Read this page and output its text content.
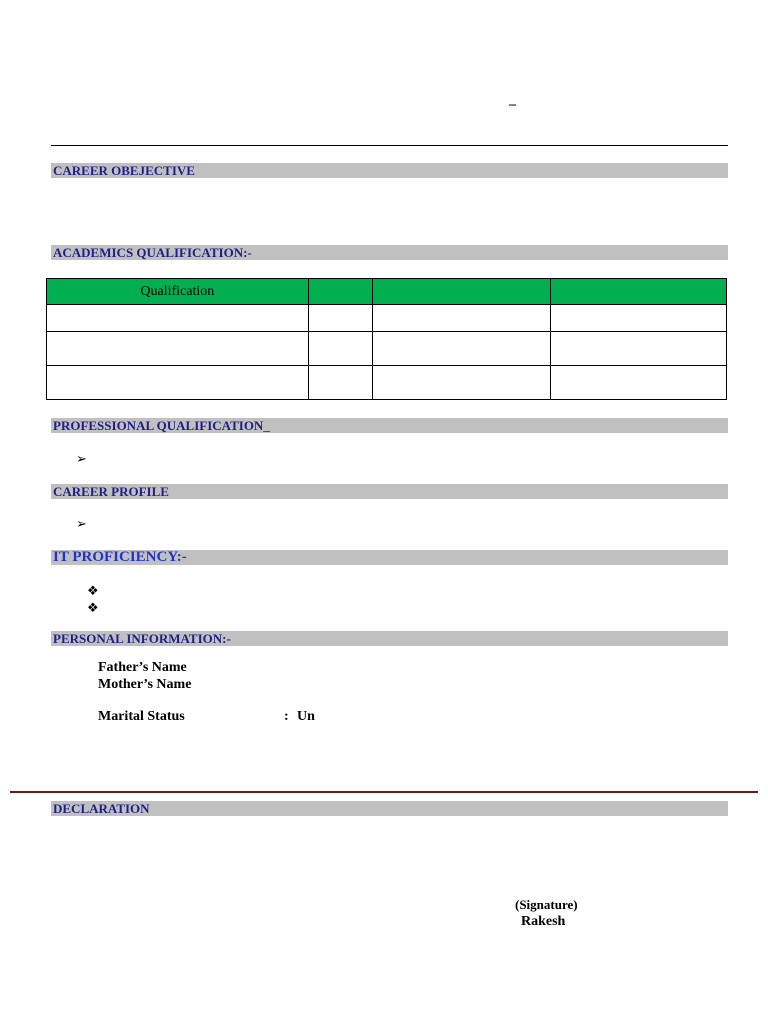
–
CAREER OBEJECTIVE
ACADEMICS QUALIFICATION:-
Qualification			

PROFESSIONAL QUALIFICATION_
➢
CAREER PROFILE
➢
IT PROFICIENCY:-
❖
❖
PERSONAL INFORMATION:-
Father’s Name
Mother’s Name
Marital Status	: Un
DECLARATION
(Signature)
Rakesh
